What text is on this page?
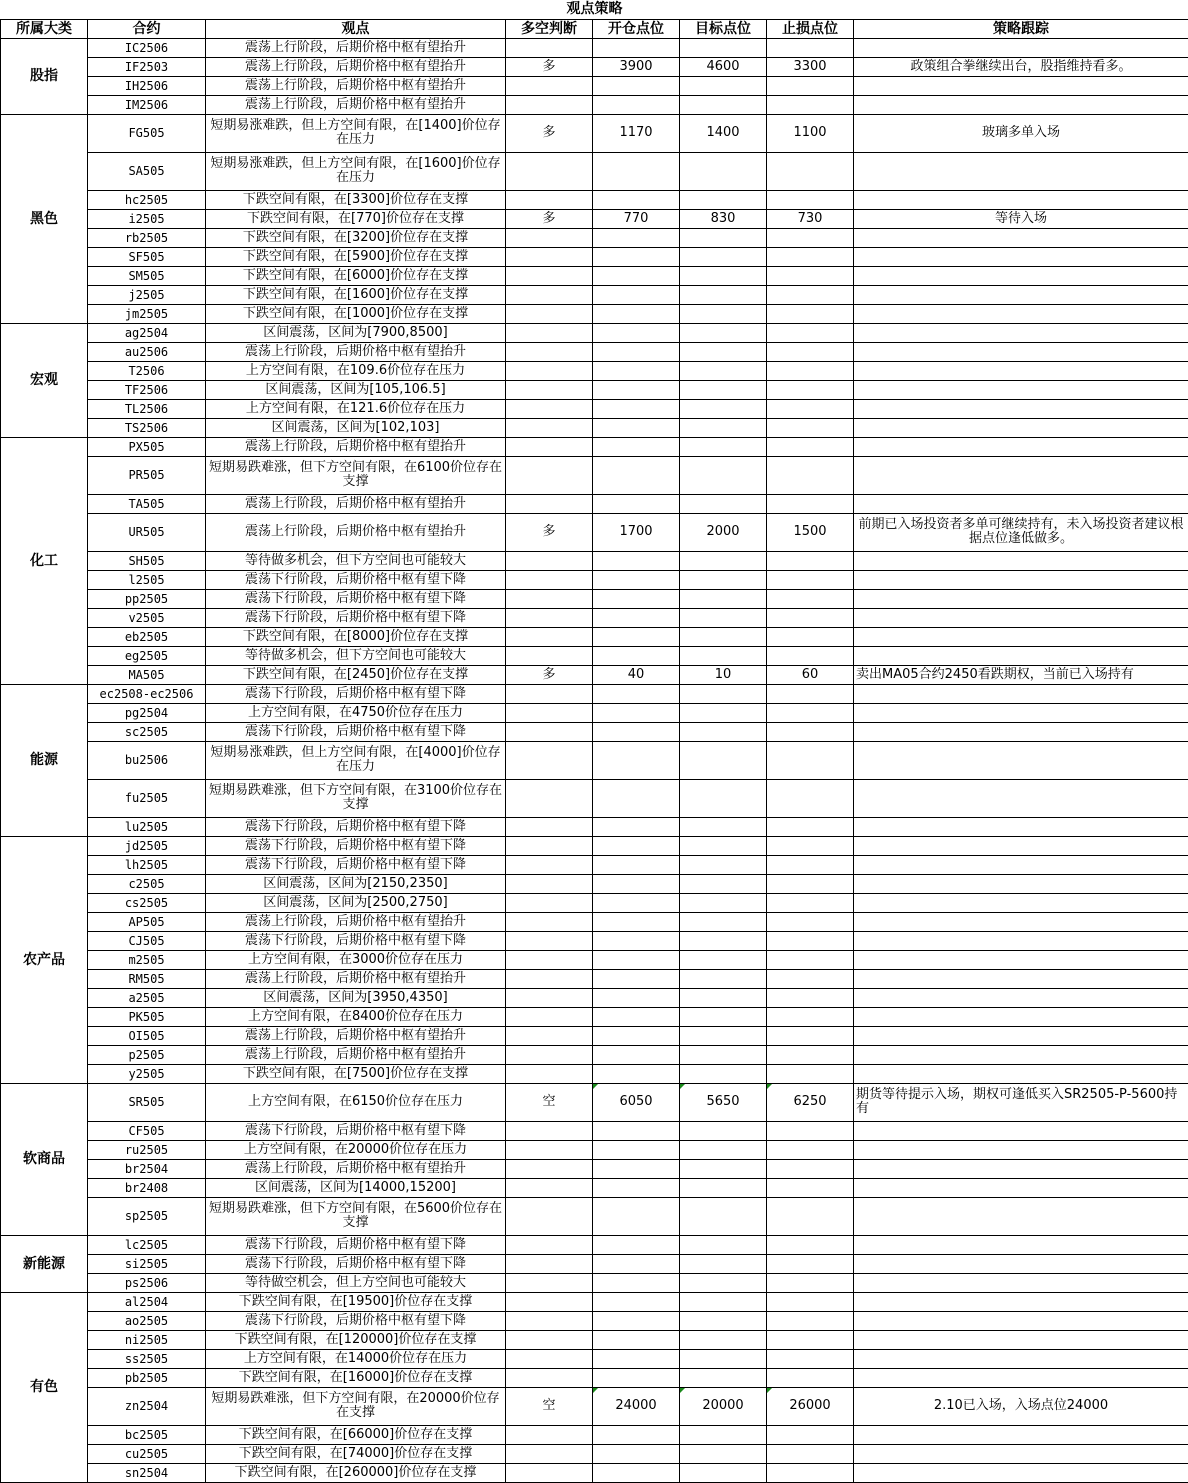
观点策略							
所属大类	合约	观点	多空判断	开仓点位	目标点位	止损点位	策略跟踪
股指	IC2506	震荡上行阶段，后期价格中枢有望抬升					
	IF2503	震荡上行阶段，后期价格中枢有望抬升	多	3900	4600	3300	政策组合拳继续出台，股指维持看多。
	IH2506	震荡上行阶段，后期价格中枢有望抬升					
	IM2506	震荡上行阶段，后期价格中枢有望抬升					
黑色	FG505	短期易涨难跌，但上方空间有限，在[1400]价位存在压力	多	1170	1400	1100	玻璃多单入场
	SA505	短期易涨难跌，但上方空间有限，在[1600]价位存在压力					
	hc2505	下跌空间有限，在[3300]价位存在支撑					
	i2505	下跌空间有限，在[770]价位存在支撑	多	770	830	730	等待入场
	rb2505	下跌空间有限，在[3200]价位存在支撑					
	SF505	下跌空间有限，在[5900]价位存在支撑					
	SM505	下跌空间有限，在[6000]价位存在支撑					
	j2505	下跌空间有限，在[1600]价位存在支撑					
	jm2505	下跌空间有限，在[1000]价位存在支撑					
宏观	ag2504	区间震荡，区间为[7900,8500]					
	au2506	震荡上行阶段，后期价格中枢有望抬升					
	T2506	上方空间有限，在109.6价位存在压力					
	TF2506	区间震荡，区间为[105,106.5]					
	TL2506	上方空间有限，在121.6价位存在压力					
	TS2506	区间震荡，区间为[102,103]					
化工	PX505	震荡上行阶段，后期价格中枢有望抬升					
	PR505	短期易跌难涨，但下方空间有限，在6100价位存在支撑					
	TA505	震荡上行阶段，后期价格中枢有望抬升					
	UR505	震荡上行阶段，后期价格中枢有望抬升	多	1700	2000	1500	前期已入场投资者多单可继续持有，未入场投资者建议根据点位逢低做多。
	SH505	等待做多机会，但下方空间也可能较大					
	l2505	震荡下行阶段，后期价格中枢有望下降					
	pp2505	震荡下行阶段，后期价格中枢有望下降					
	v2505	震荡下行阶段，后期价格中枢有望下降					
	eb2505	下跌空间有限，在[8000]价位存在支撑					
	eg2505	等待做多机会，但下方空间也可能较大					
	MA505	下跌空间有限，在[2450]价位存在支撑	多	40	10	60	卖出MA05合约2450看跌期权，当前已入场持有
能源	ec2508-ec2506	震荡下行阶段，后期价格中枢有望下降					
	pg2504	上方空间有限，在4750价位存在压力					
	sc2505	震荡下行阶段，后期价格中枢有望下降					
	bu2506	短期易涨难跌，但上方空间有限，在[4000]价位存在压力					
	fu2505	短期易跌难涨，但下方空间有限，在3100价位存在支撑					
	lu2505	震荡下行阶段，后期价格中枢有望下降					
农产品	jd2505	震荡下行阶段，后期价格中枢有望下降					
	lh2505	震荡下行阶段，后期价格中枢有望下降					
	c2505	区间震荡，区间为[2150,2350]					
	cs2505	区间震荡，区间为[2500,2750]					
	AP505	震荡上行阶段，后期价格中枢有望抬升					
	CJ505	震荡下行阶段，后期价格中枢有望下降					
	m2505	上方空间有限，在3000价位存在压力					
	RM505	震荡上行阶段，后期价格中枢有望抬升					
	a2505	区间震荡，区间为[3950,4350]					
	PK505	上方空间有限，在8400价位存在压力					
	OI505	震荡上行阶段，后期价格中枢有望抬升					
	p2505	震荡上行阶段，后期价格中枢有望抬升					
	y2505	下跌空间有限，在[7500]价位存在支撑					
软商品	SR505	上方空间有限，在6150价位存在压力	空	6050	5650	6250	期货等待提示入场，期权可逢低买入SR2505-P-5600持有
	CF505	震荡下行阶段，后期价格中枢有望下降					
	ru2505	上方空间有限，在20000价位存在压力					
	br2504	震荡上行阶段，后期价格中枢有望抬升					
	br2408	区间震荡，区间为[14000,15200]					
	sp2505	短期易跌难涨，但下方空间有限，在5600价位存在支撑					
新能源	lc2505	震荡下行阶段，后期价格中枢有望下降					
	si2505	震荡下行阶段，后期价格中枢有望下降					
	ps2506	等待做空机会，但上方空间也可能较大					
有色	al2504	下跌空间有限，在[19500]价位存在支撑					
	ao2505	震荡下行阶段，后期价格中枢有望下降					
	ni2505	下跌空间有限，在[120000]价位存在支撑					
	ss2505	上方空间有限，在14000价位存在压力					
	pb2505	下跌空间有限，在[16000]价位存在支撑					
	zn2504	短期易跌难涨，但下方空间有限，在20000价位存在支撑	空	24000	20000	26000	2.10已入场，入场点位24000
	bc2505	下跌空间有限，在[66000]价位存在支撑					
	cu2505	下跌空间有限，在[74000]价位存在支撑					
	sn2504	下跌空间有限，在[260000]价位存在支撑					
